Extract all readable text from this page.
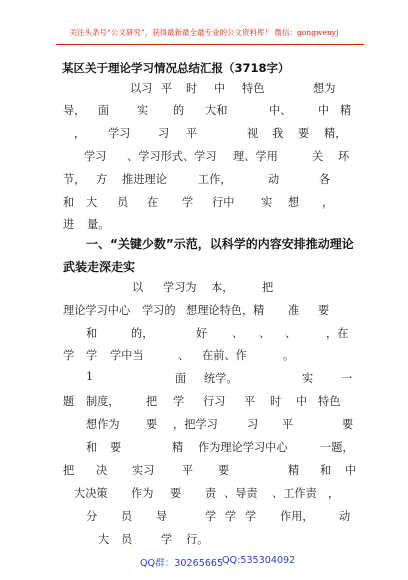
关注头条号“公文研究”，获得最新最全最专业的公文资料库！ 微信：gongwenyj
某区关于理论学习情况总结汇报（3718字）
以习 平 时 中 特色	想为
导， 面 实 的 大和	中、 中 精
， 学习 习 平	视 我 要 精，
学习 、学习形式、学习 理、学用	关 环
节， 方 推进理论	工作，	动	各
和 大 员 在 学 行中 实 想 ，
进 量。
一、“关键少数”示范，以科学的内容安排推动理论
武装走深走实
以 学习为 本，	把
理论学习中心 学习的 想理论特色，精 准 要
和	的，	好 、 、 、	，在
学 学 学中当	、 在前、作	。
1	面 统学。	实 一
题 制度， 把 学 行习 平 时 中 特色
想作为 要 ，把学习	习 平	要
和 要	精 作为理论学习中心	一题，
把 决 实习 平 要	精 和 中
大决策 作为 要 责 、导责 、工作责 ，
分 员 导	学 学 学 作用， 动
大 员	学 行。
QQ群：30265665
QQ:535304092
